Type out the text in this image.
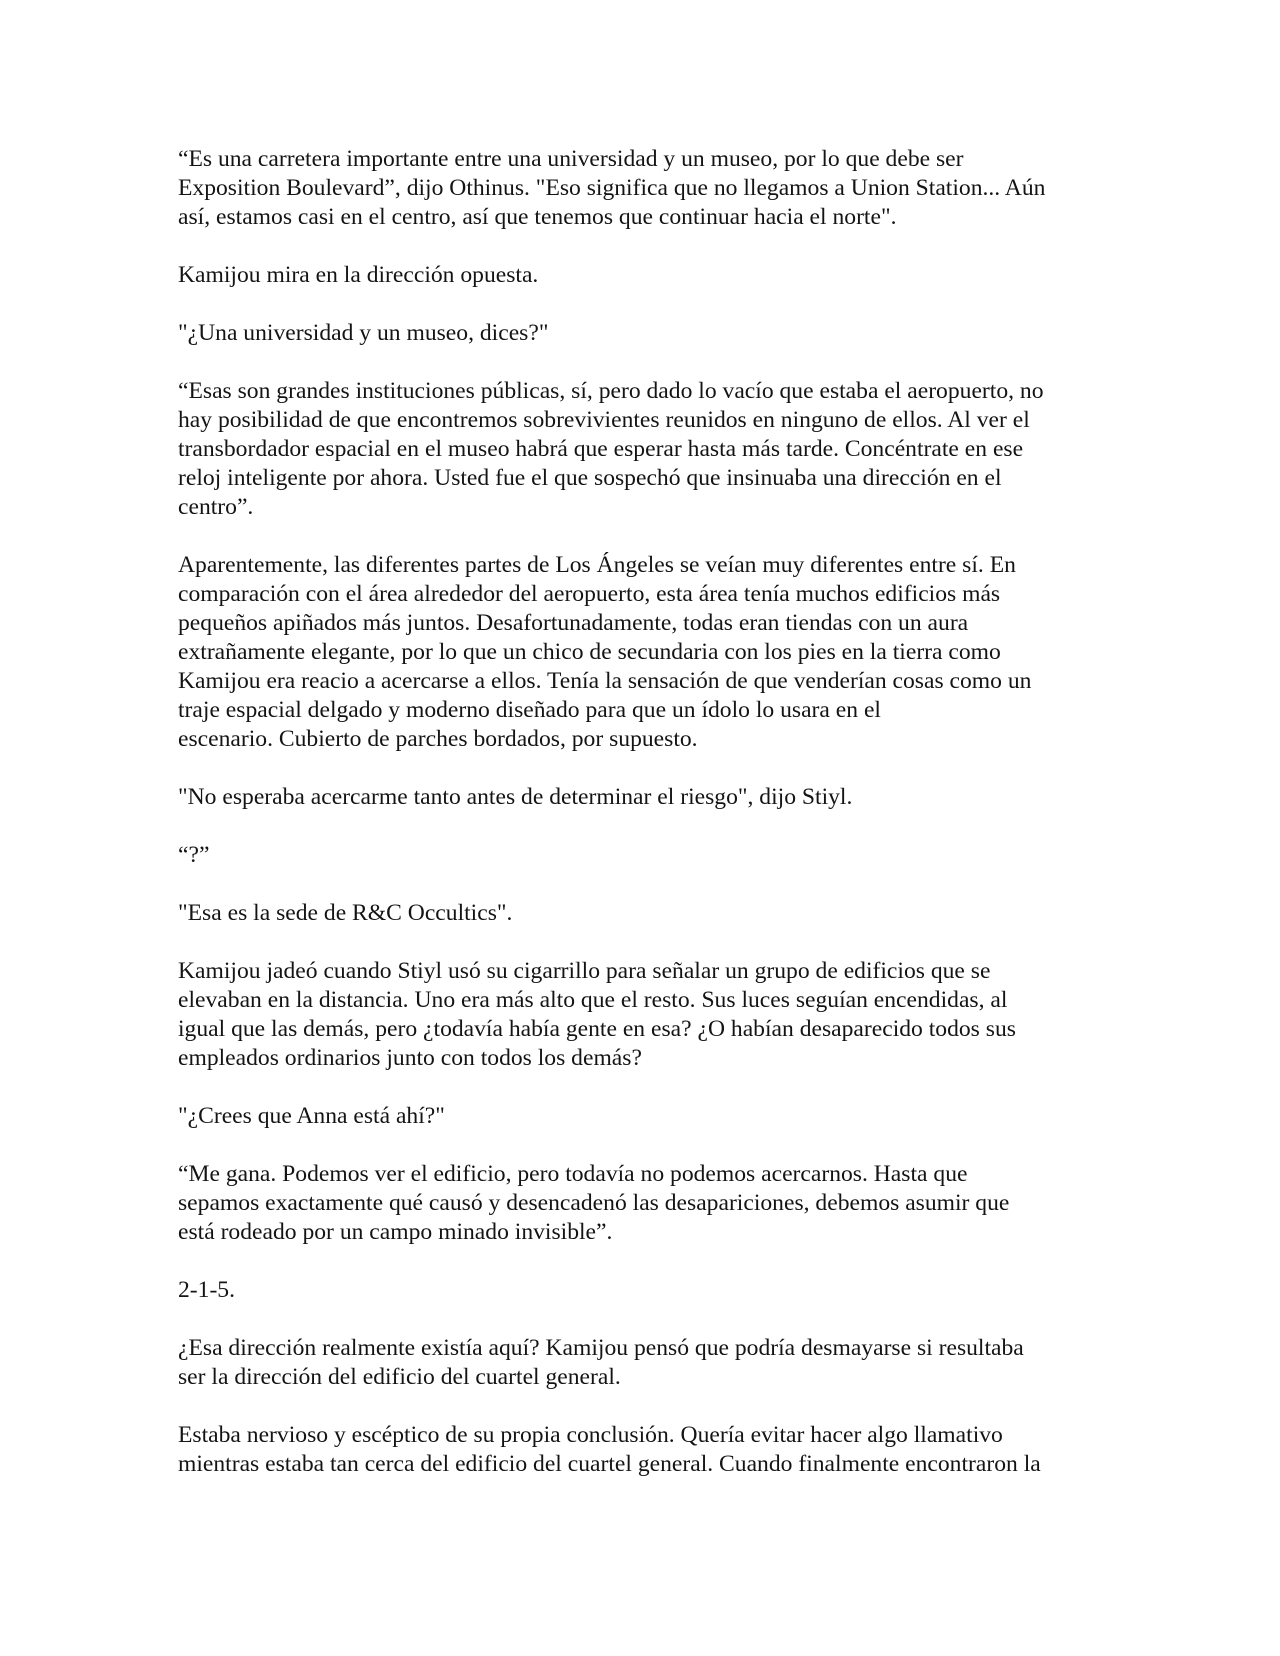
“Es una carretera importante entre una universidad y un museo, por lo que debe ser
Exposition Boulevard”, dijo Othinus. "Eso significa que no llegamos a Union Station... Aún
así, estamos casi en el centro, así que tenemos que continuar hacia el norte".

Kamijou mira en la dirección opuesta.

"¿Una universidad y un museo, dices?"

“Esas son grandes instituciones públicas, sí, pero dado lo vacío que estaba el aeropuerto, no
hay posibilidad de que encontremos sobrevivientes reunidos en ninguno de ellos. Al ver el
transbordador espacial en el museo habrá que esperar hasta más tarde. Concéntrate en ese
reloj inteligente por ahora. Usted fue el que sospechó que insinuaba una dirección en el
centro”.

Aparentemente, las diferentes partes de Los Ángeles se veían muy diferentes entre sí. En
comparación con el área alrededor del aeropuerto, esta área tenía muchos edificios más
pequeños apiñados más juntos. Desafortunadamente, todas eran tiendas con un aura
extrañamente elegante, por lo que un chico de secundaria con los pies en la tierra como
Kamijou era reacio a acercarse a ellos. Tenía la sensación de que venderían cosas como un
traje espacial delgado y moderno diseñado para que un ídolo lo usara en el
escenario. Cubierto de parches bordados, por supuesto.

"No esperaba acercarme tanto antes de determinar el riesgo", dijo Stiyl.

“?”

"Esa es la sede de R&C Occultics".

Kamijou jadeó cuando Stiyl usó su cigarrillo para señalar un grupo de edificios que se
elevaban en la distancia. Uno era más alto que el resto. Sus luces seguían encendidas, al
igual que las demás, pero ¿todavía había gente en esa? ¿O habían desaparecido todos sus
empleados ordinarios junto con todos los demás?

"¿Crees que Anna está ahí?"

“Me gana. Podemos ver el edificio, pero todavía no podemos acercarnos. Hasta que
sepamos exactamente qué causó y desencadenó las desapariciones, debemos asumir que
está rodeado por un campo minado invisible”.

2-1-5.

¿Esa dirección realmente existía aquí? Kamijou pensó que podría desmayarse si resultaba
ser la dirección del edificio del cuartel general.

Estaba nervioso y escéptico de su propia conclusión. Quería evitar hacer algo llamativo
mientras estaba tan cerca del edificio del cuartel general. Cuando finalmente encontraron la
